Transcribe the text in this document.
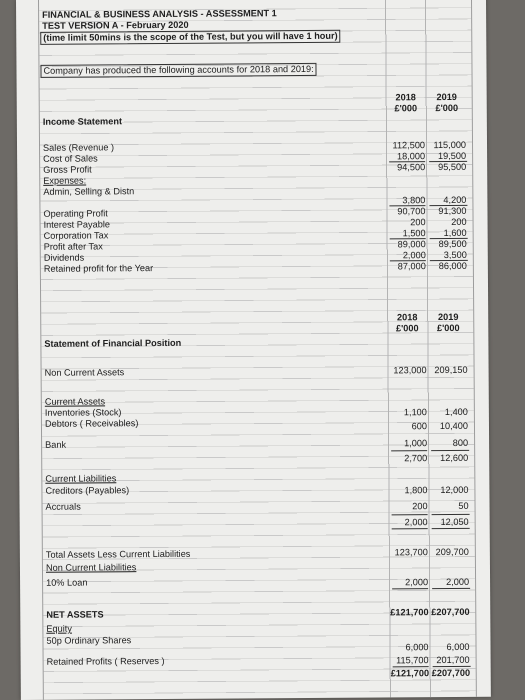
FINANCIAL & BUSINESS ANALYSIS - ASSESSMENT 1
TEST VERSION A - February 2020
(time limit 50mins is the scope of the Test, but you will have 1 hour)
Company has produced the following accounts for 2018 and 2019:
2018	2019
£'000	£'000
Income Statement
Sales (Revenue )	112,500 115,000
Cost of Sales	18,000	19,500
Gross Profit	94,500	95,500
Expenses:
Admin, Selling & Distn
3,800	4,200
Operating Profit	90,700	91,300
Interest Payable	200	200
Corporation Tax	1,500	1,600
Profit after Tax	89,000	89,500
Dividends	2,000	3,500
Retained profit for the Year	87,000	86,000
2018	2019
£'000	£'000
Statement of Financial Position
Non Current Assets	123,000 209,150
Current Assets
Inventories (Stock)	1,100	1,400
Debtors ( Receivables)	600	10,400
Bank	1,000	800
2,700	12,600
Current Liabilities
Creditors (Payables)	1,800	12,000
Accruals	200	50
2,000	12,050
Total Assets Less Current Liabilities	123,700 209,700
Non Current Liabilities
10% Loan	2,000	2,000
NET ASSETS	£121,700 £207,700
Equity
50p Ordinary Shares
6,000	6,000
Retained Profits ( Reserves )	115,700 201,700
£121,700 £207,700
